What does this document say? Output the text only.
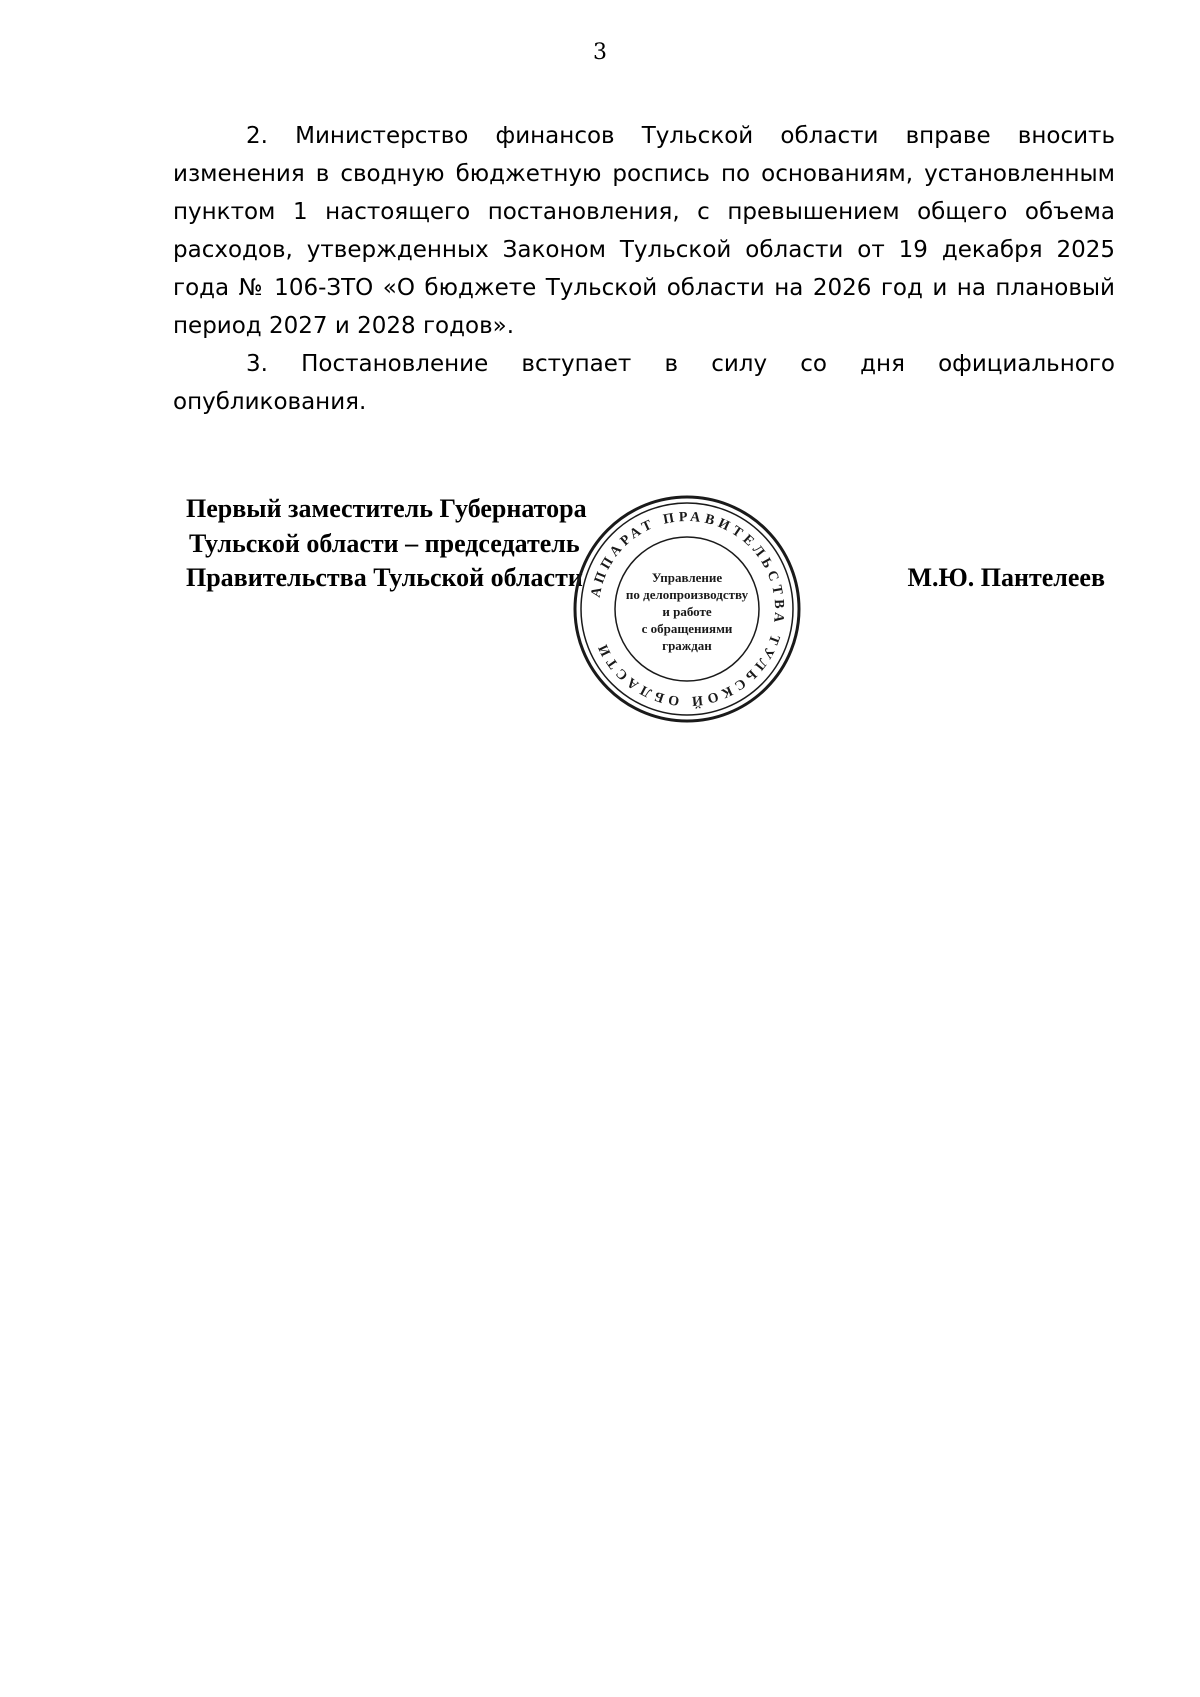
3

2. Министерство финансов Тульской области вправе вносить изменения в сводную бюджетную роспись по основаниям, установленным пунктом 1 настоящего постановления, с превышением общего объема расходов, утвержденных Законом Тульской области от 19 декабря 2025 года № 106-ЗТО «О бюджете Тульской области на 2026 год и на плановый период 2027 и 2028 годов».

3. Постановление вступает в силу со дня официального опубликования.

Первый заместитель Губернатора
Тульской области – председатель
Правительства Тульской области	М.Ю. Пантелеев
АППАРАТ ПРАВИТЕЛЬСТВА ТУЛЬСКОЙ ОБЛАСТИ
Управление
по делопроизводству
и работе
с обращениями
граждан
